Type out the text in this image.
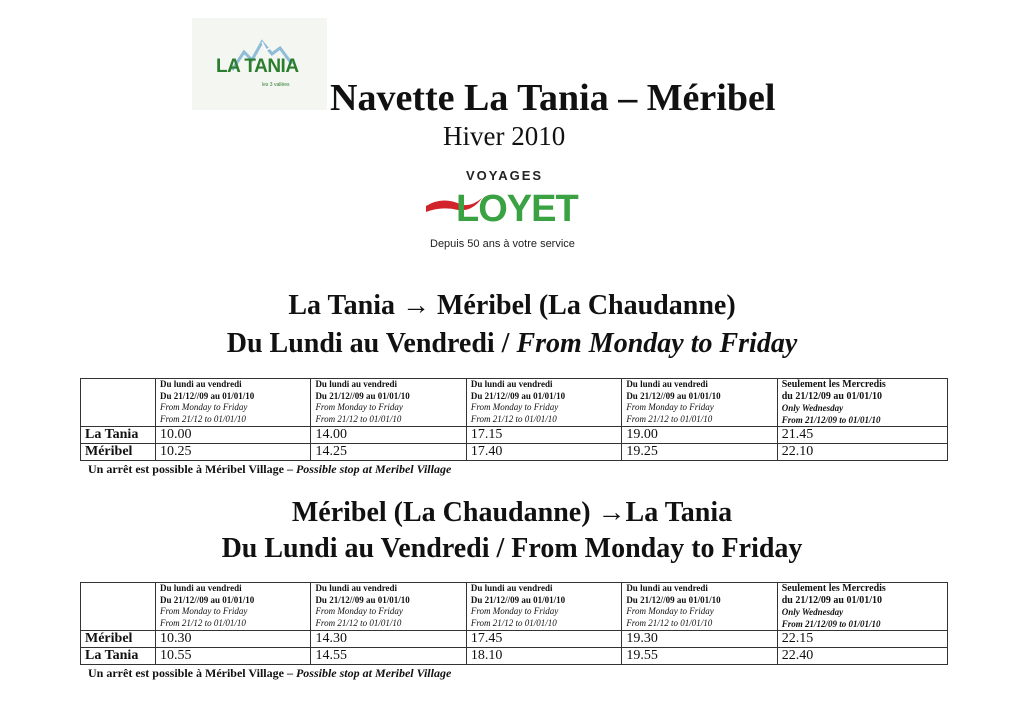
LA TANIA
les 3 vallées Navette La Tania – Méribel
Hiver 2010
VOYAGES
LOYET
Depuis 50 ans à votre service
La Tania → Méribel (La Chaudanne)
Du Lundi au Vendredi / From Monday to Friday

	Du lundi au vendredi
Du 21/12//09 au 01/01/10
From Monday to Friday
From 21/12 to 01/01/10	Du lundi au vendredi
Du 21/12//09 au 01/01/10
From Monday to Friday
From 21/12 to 01/01/10	Du lundi au vendredi
Du 21/12//09 au 01/01/10
From Monday to Friday
From 21/12 to 01/01/10	Du lundi au vendredi
Du 21/12//09 au 01/01/10
From Monday to Friday
From 21/12 to 01/01/10	Seulement les Mercredis
du 21/12/09 au 01/01/10
Only Wednesday
From 21/12/09 to 01/01/10

La Tania	10.00	14.00	17.15	19.00	21.45
Méribel	10.25	14.25	17.40	19.25	22.10
Un arrêt est possible à Méribel Village – Possible stop at Meribel Village
Méribel (La Chaudanne) →La Tania
Du Lundi au Vendredi / From Monday to Friday

	Du lundi au vendredi
Du 21/12//09 au 01/01/10
From Monday to Friday
From 21/12 to 01/01/10	Du lundi au vendredi
Du 21/12//09 au 01/01/10
From Monday to Friday
From 21/12 to 01/01/10	Du lundi au vendredi
Du 21/12//09 au 01/01/10
From Monday to Friday
From 21/12 to 01/01/10	Du lundi au vendredi
Du 21/12//09 au 01/01/10
From Monday to Friday
From 21/12 to 01/01/10	Seulement les Mercredis
du 21/12/09 au 01/01/10
Only Wednesday
From 21/12/09 to 01/01/10

Méribel	10.30	14.30	17.45	19.30	22.15
La Tania	10.55	14.55	18.10	19.55	22.40
Un arrêt est possible à Méribel Village – Possible stop at Meribel Village
